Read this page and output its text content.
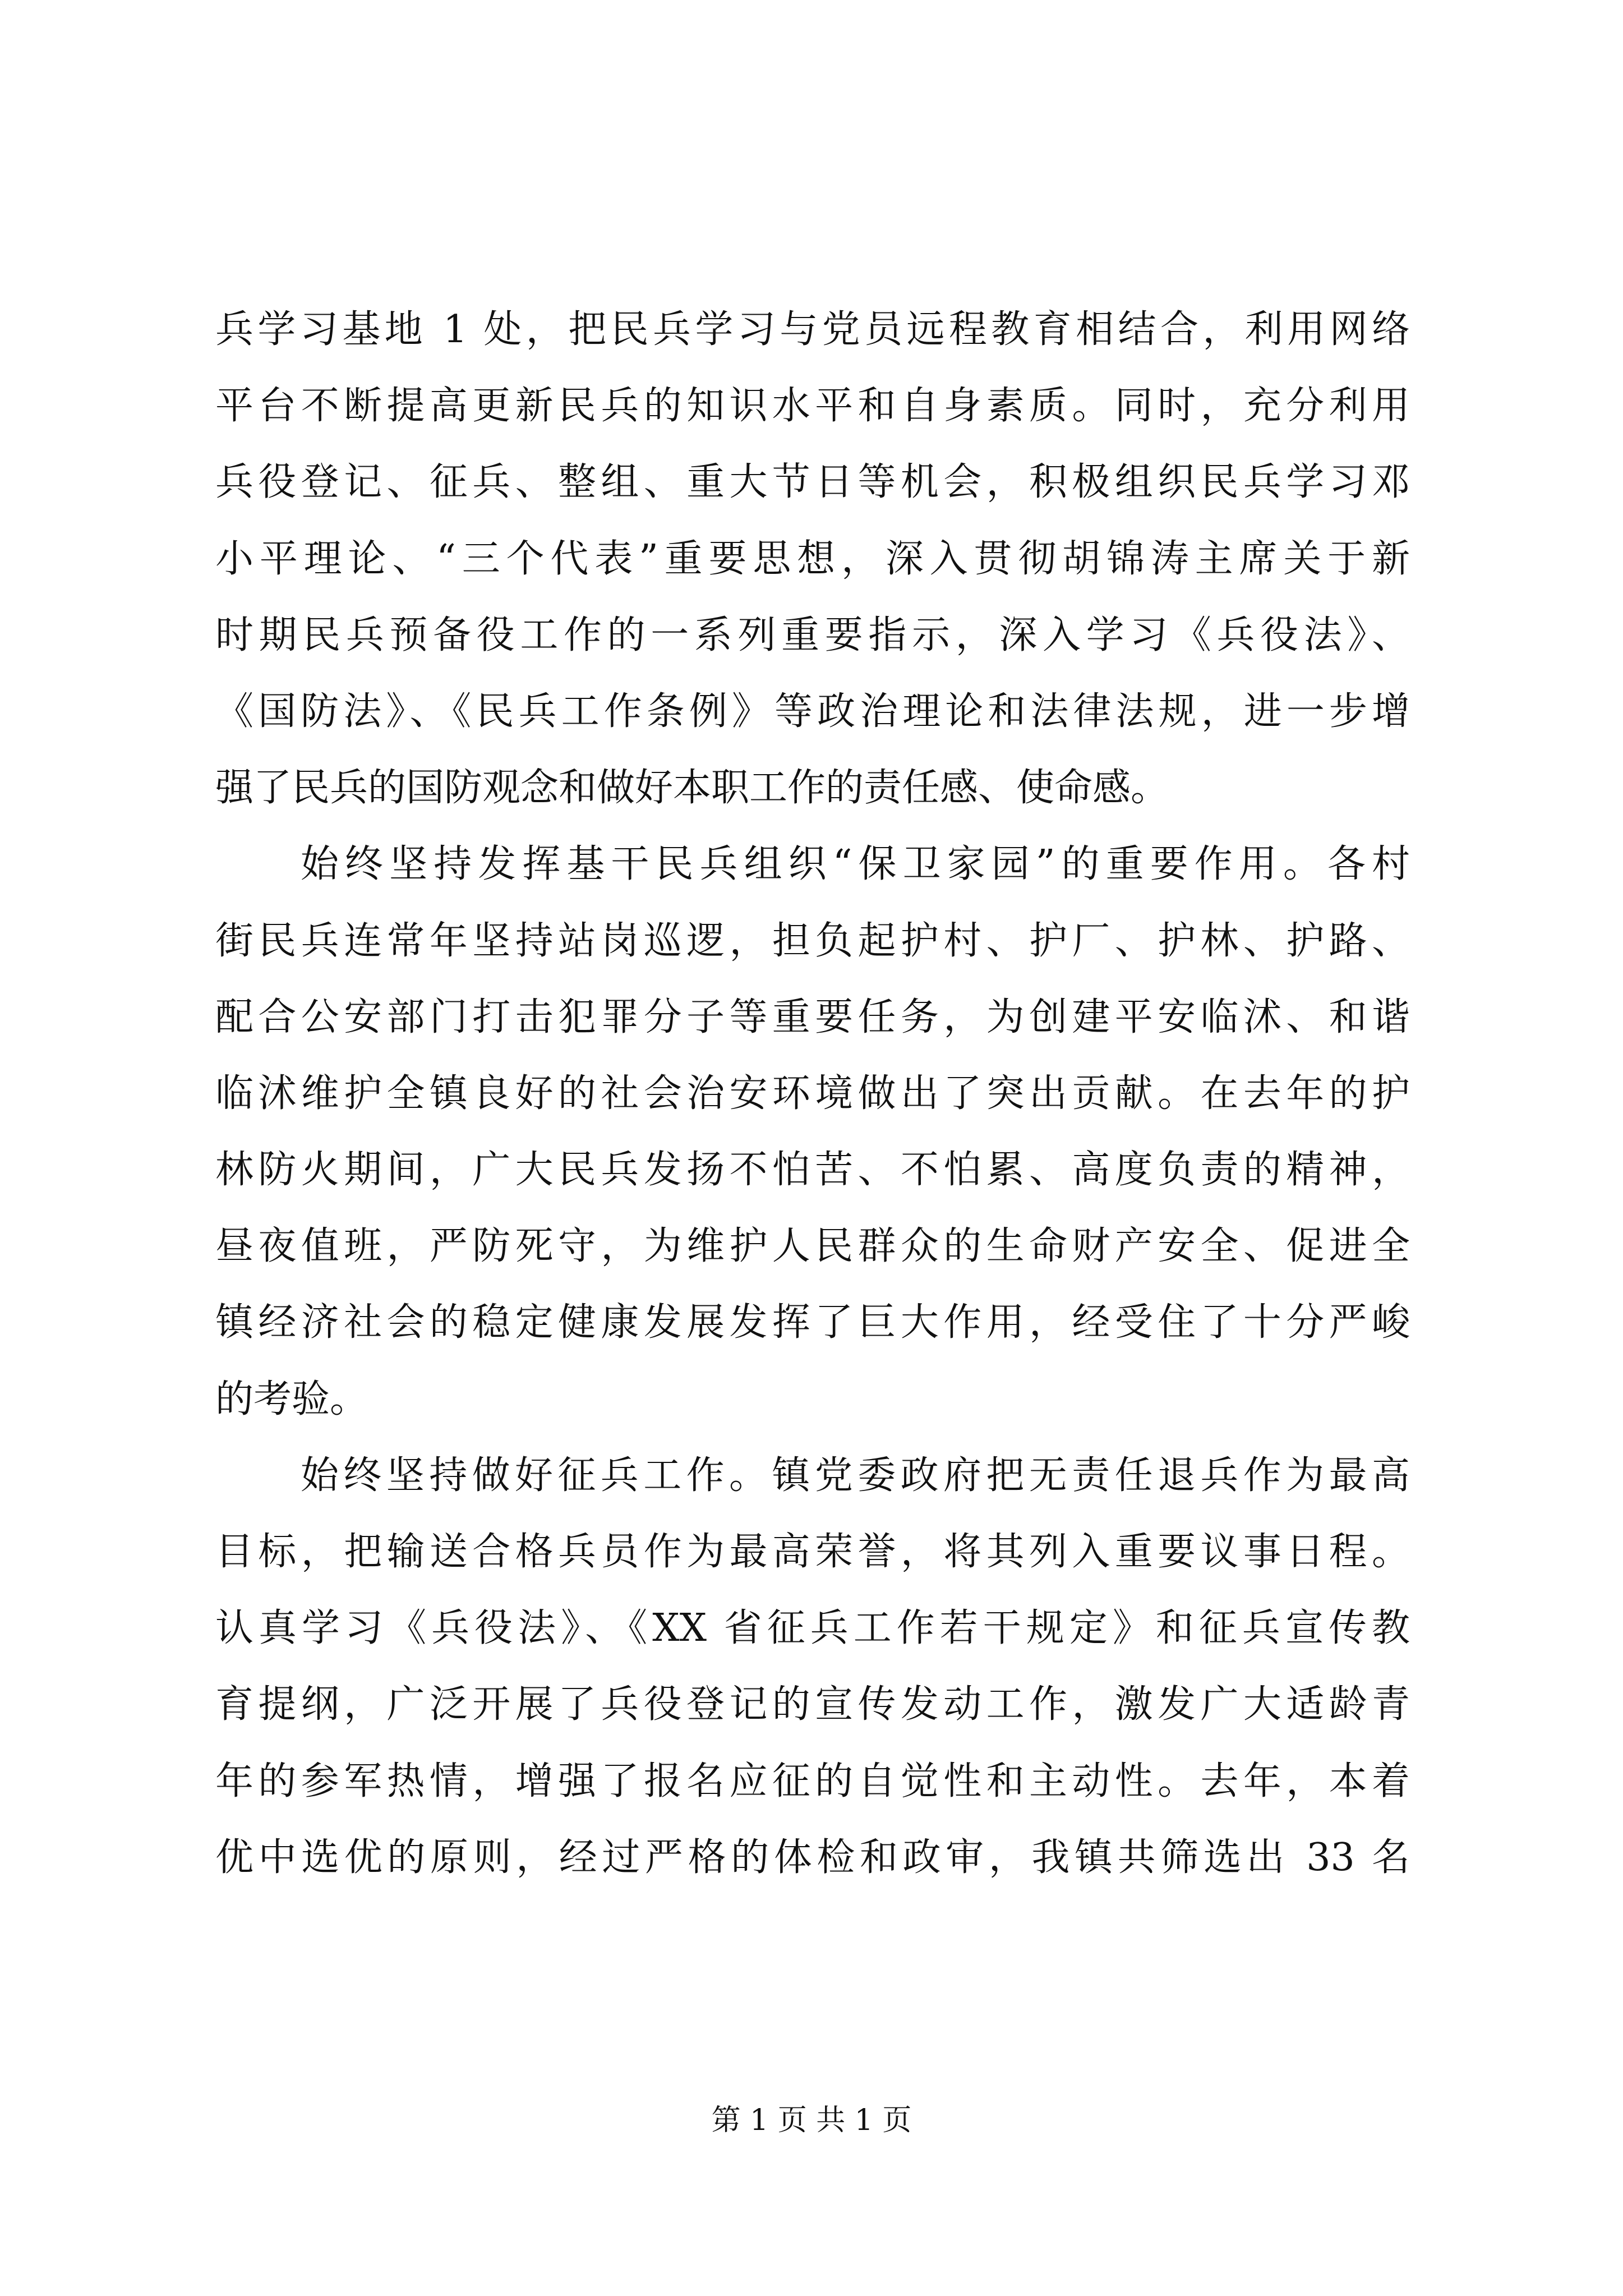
兵学习基地 1 处，把民兵学习与党员远程教育相结合，利用网络
平台不断提高更新民兵的知识水平和自身素质。同时，充分利用
兵役登记、征兵、整组、重大节日等机会，积极组织民兵学习邓
小平理论、“三个代表”重要思想，深入贯彻胡锦涛主席关于新
时期民兵预备役工作的一系列重要指示，深入学习《兵役法》、
《国防法》、《民兵工作条例》等政治理论和法律法规，进一步增
强了民兵的国防观念和做好本职工作的责任感、使命感。
始终坚持发挥基干民兵组织“保卫家园”的重要作用。各村
街民兵连常年坚持站岗巡逻，担负起护村、护厂、护林、护路、
配合公安部门打击犯罪分子等重要任务，为创建平安临沭、和谐
临沭维护全镇良好的社会治安环境做出了突出贡献。在去年的护
林防火期间，广大民兵发扬不怕苦、不怕累、高度负责的精神，
昼夜值班，严防死守，为维护人民群众的生命财产安全、促进全
镇经济社会的稳定健康发展发挥了巨大作用，经受住了十分严峻
的考验。
始终坚持做好征兵工作。镇党委政府把无责任退兵作为最高
目标，把输送合格兵员作为最高荣誉，将其列入重要议事日程。
认真学习《兵役法》、《XX 省征兵工作若干规定》和征兵宣传教
育提纲，广泛开展了兵役登记的宣传发动工作，激发广大适龄青
年的参军热情，增强了报名应征的自觉性和主动性。去年，本着
优中选优的原则，经过严格的体检和政审，我镇共筛选出 33 名
第 1 页 共 1 页
